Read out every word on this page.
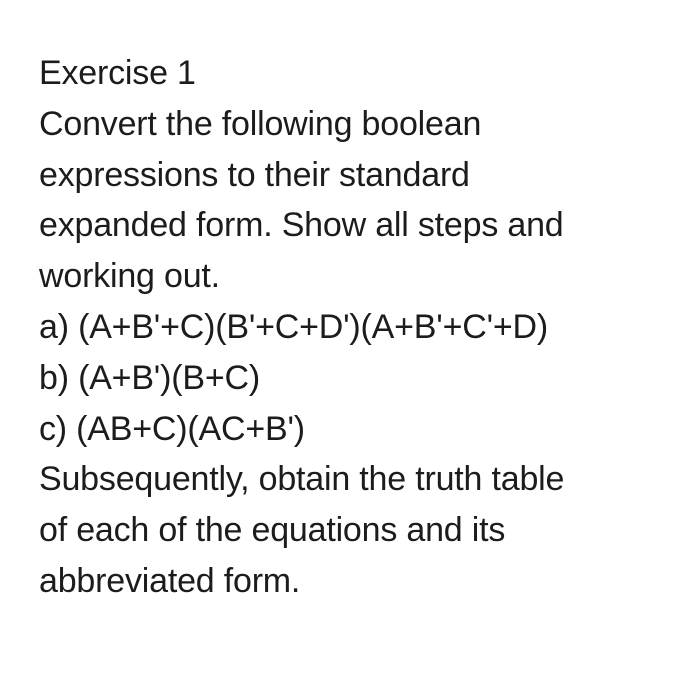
Exercise 1
Convert the following boolean
expressions to their standard
expanded form. Show all steps and
working out.
a) (A+B'+C)(B'+C+D')(A+B'+C'+D)
b) (A+B')(B+C)
c) (AB+C)(AC+B')
Subsequently, obtain the truth table
of each of the equations and its
abbreviated form.
